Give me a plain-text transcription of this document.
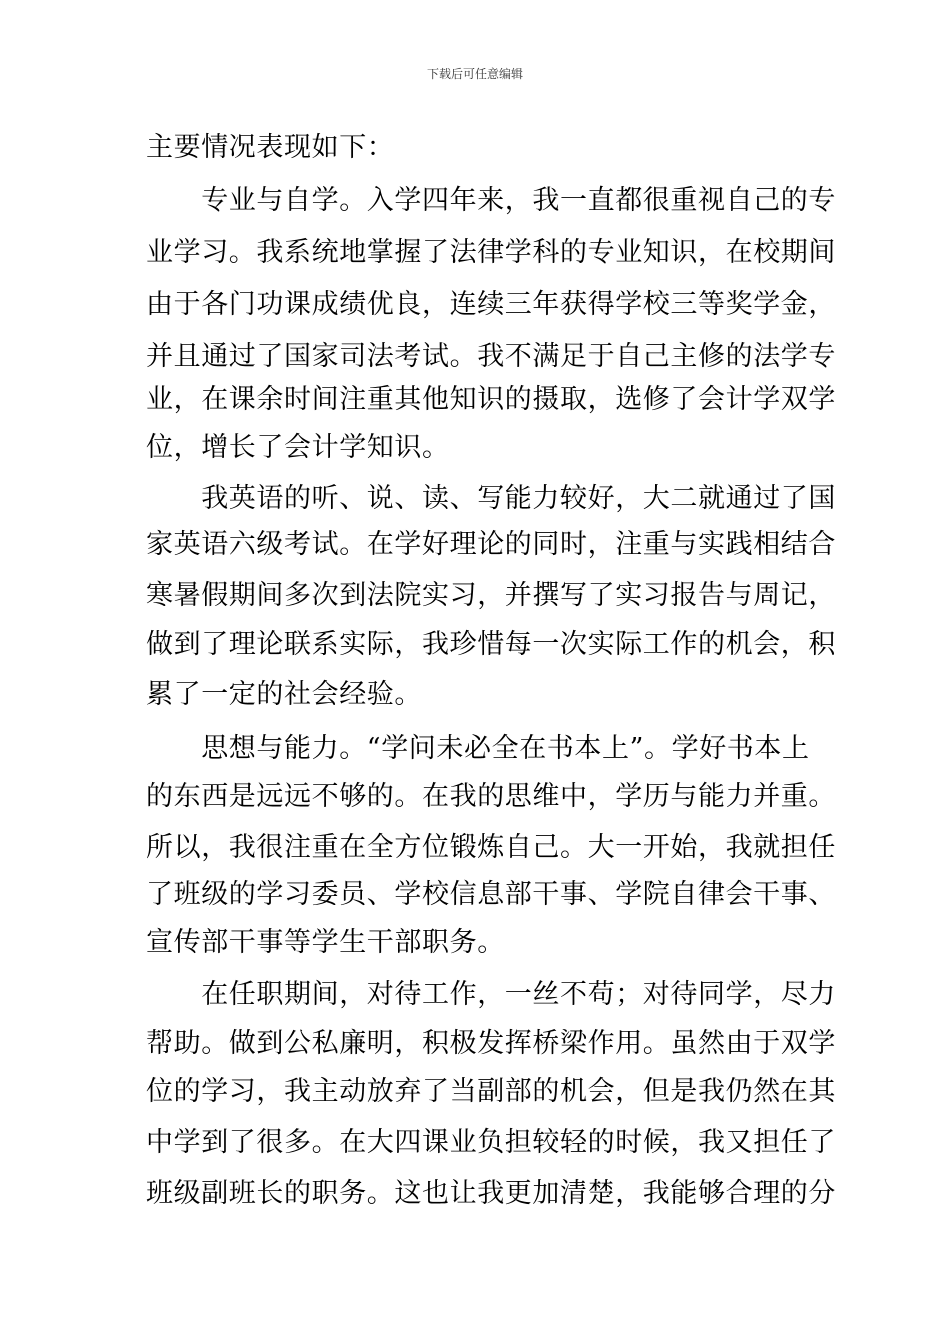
下载后可任意编辑
主要情况表现如下：
　　专业与自学。入学四年来，我一直都很重视自己的专
业学习。我系统地掌握了法律学科的专业知识，在校期间
由于各门功课成绩优良，连续三年获得学校三等奖学金，
并且通过了国家司法考试。我不满足于自己主修的法学专
业，在课余时间注重其他知识的摄取，选修了会计学双学
位，增长了会计学知识。
　　我英语的听、说、读、写能力较好，大二就通过了国
家英语六级考试。在学好理论的同时，注重与实践相结合
寒暑假期间多次到法院实习，并撰写了实习报告与周记，
做到了理论联系实际，我珍惜每一次实际工作的机会，积
累了一定的社会经验。
　　思想与能力。“学问未必全在书本上”。学好书本上
的东西是远远不够的。在我的思维中，学历与能力并重。
所以，我很注重在全方位锻炼自己。大一开始，我就担任
了班级的学习委员、学校信息部干事、学院自律会干事、
宣传部干事等学生干部职务。
　　在任职期间，对待工作，一丝不苟；对待同学，尽力
帮助。做到公私廉明，积极发挥桥梁作用。虽然由于双学
位的学习，我主动放弃了当副部的机会，但是我仍然在其
中学到了很多。在大四课业负担较轻的时候，我又担任了
班级副班长的职务。这也让我更加清楚，我能够合理的分
